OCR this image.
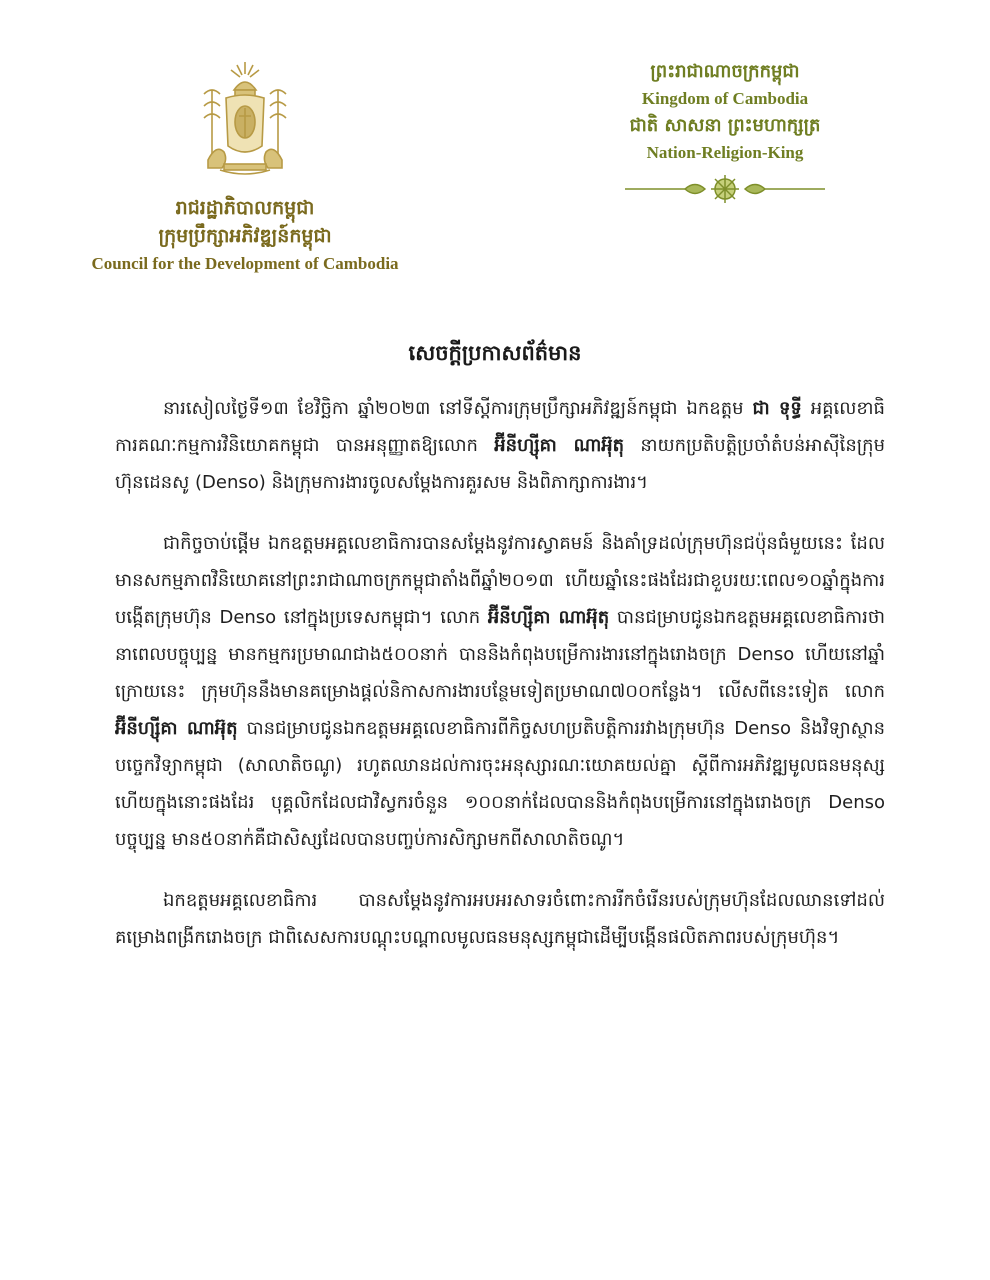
រាជរដ្ឋាភិបាលកម្ពុជា

ក្រុមប្រឹក្សាអភិវឌ្ឍន៍កម្ពុជា

Council for the Development of Cambodia

ព្រះរាជាណាចក្រកម្ពុជា

Kingdom of Cambodia

ជាតិ សាសនា ព្រះមហាក្សត្រ

Nation-Religion-King

សេចក្តីប្រកាសព័ត៌មាន

នារសៀលថ្ងៃទី១៣ ខែវិច្ឆិកា ឆ្នាំ២០២៣ នៅទីស្តីការក្រុមប្រឹក្សាអភិវឌ្ឍន៍កម្ពុជា ឯកឧត្តម ជា ទុទ្ធី អគ្គលេខាធិការគណៈកម្មការវិនិយោគកម្ពុជា បានអនុញ្ញាតឱ្យលោក អ៊ីនីហ្ស៊ីគា ណាអ៊ុតុ នាយកប្រតិបត្តិប្រចាំតំបន់អាស៊ីនៃក្រុមហ៊ុនដេនសូ (Denso) និងក្រុមការងារចូលសម្តែងការគួរសម និងពិភាក្សាការងារ។

ជាកិច្ចចាប់ផ្តើម ឯកឧត្តមអគ្គលេខាធិការបានសម្តែងនូវការស្វាគមន៍ និងគាំទ្រដល់ក្រុមហ៊ុនជប៉ុនធំមួយនេះ ដែលមានសកម្មភាពវិនិយោគនៅព្រះរាជាណាចក្រកម្ពុជាតាំងពីឆ្នាំ២០១៣ ហើយឆ្នាំនេះផងដែរជាខួបរយៈពេល១០ឆ្នាំក្នុងការបង្កើតក្រុមហ៊ុន Denso នៅក្នុងប្រទេសកម្ពុជា។ លោក អ៊ីនីហ្ស៊ីគា ណាអ៊ុតុ បានជម្រាបជូនឯកឧត្តមអគ្គលេខាធិការថា នាពេលបច្ចុប្បន្ន មានកម្មករប្រមាណជាង៥០០នាក់ បាននិងកំពុងបម្រើការងារនៅក្នុងរោងចក្រ Denso ហើយនៅឆ្នាំក្រោយនេះ ក្រុមហ៊ុននឹងមានគម្រោងផ្តល់និកាសការងារបន្ថែមទៀតប្រមាណ៧០០កន្លែង។ លើសពីនេះទៀត លោក អ៊ីនីហ្ស៊ីគា ណាអ៊ុតុ បានជម្រាបជូនឯកឧត្តមអគ្គលេខាធិការពីកិច្ចសហប្រតិបត្តិការរវាងក្រុមហ៊ុន Denso និងវិទ្យាស្ថានបច្ចេកវិទ្យាកម្ពុជា (សាលាតិចណូ) រហូតឈានដល់ការចុះអនុស្សារណៈយោគយល់គ្នា ស្តីពីការអភិវឌ្ឍមូលធនមនុស្ស ហើយក្នុងនោះផងដែរ បុគ្គលិកដែលជាវិស្វករចំនួន ១០០នាក់ដែលបាននិងកំពុងបម្រើការនៅក្នុងរោងចក្រ Denso បច្ចុប្បន្ន មាន៥០នាក់គឺជាសិស្សដែលបានបញ្ចប់ការសិក្សាមកពីសាលាតិចណូ។

ឯកឧត្តមអគ្គលេខាធិការ បានសម្តែងនូវការអបអរសាទរចំពោះការរីកចំរើនរបស់ក្រុមហ៊ុនដែលឈានទៅដល់គម្រោងពង្រីករោងចក្រ ជាពិសេសការបណ្តុះបណ្តាលមូលធនមនុស្សកម្ពុជាដើម្បីបង្កើនផលិតភាពរបស់ក្រុមហ៊ុន។
